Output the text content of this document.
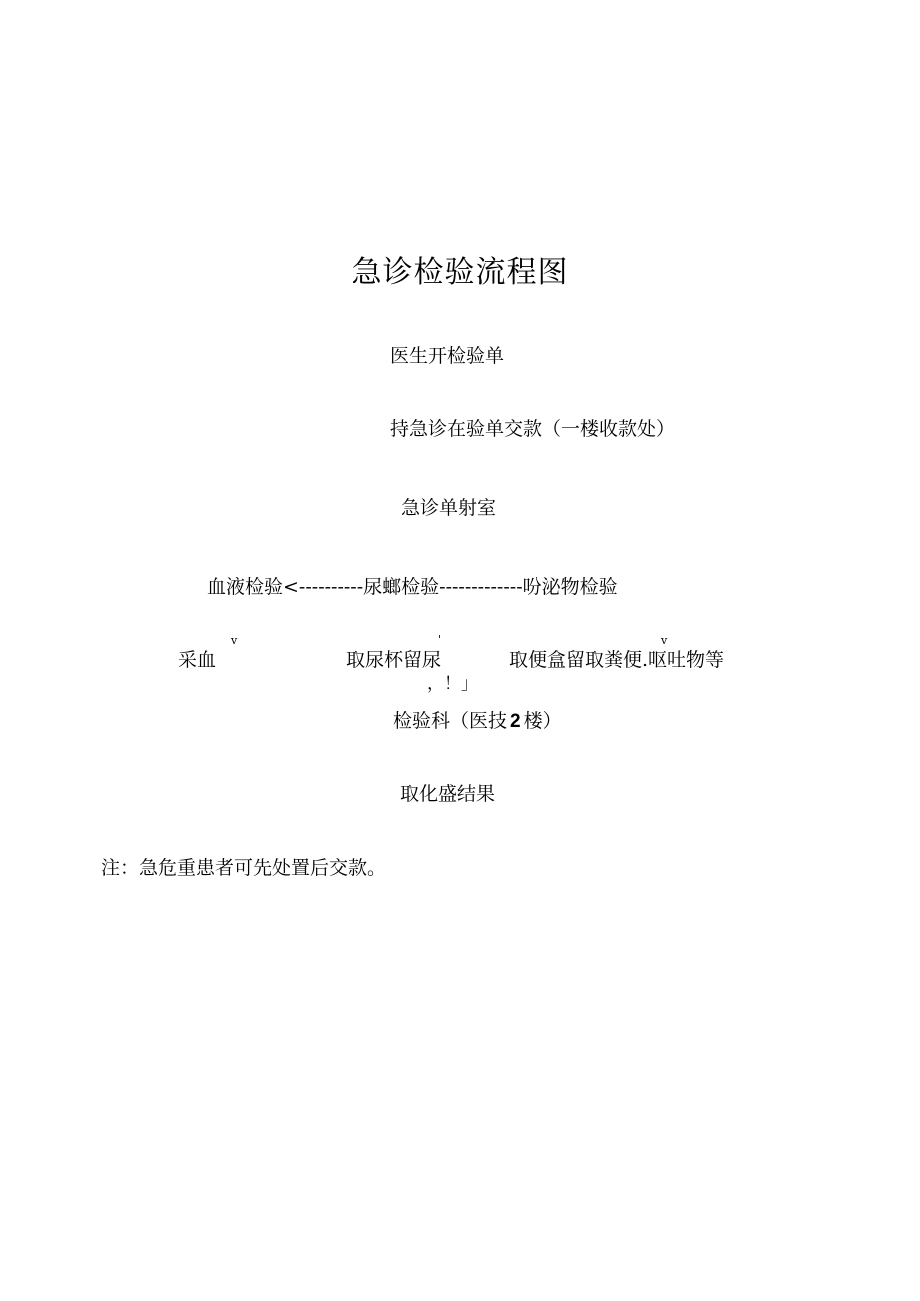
急诊检验流程图
医生开检验单
持急诊在验单交款（一楼收款处）
急诊单射室
血液检验<----------尿螂检验-------------吩泌物检验
v	'	v
采血	取尿杯留尿	取便盒留取粪便.呕吐物等
，！」
检验科（医技 2 楼）
取化盛结果
注：急危重患者可先处置后交款。
